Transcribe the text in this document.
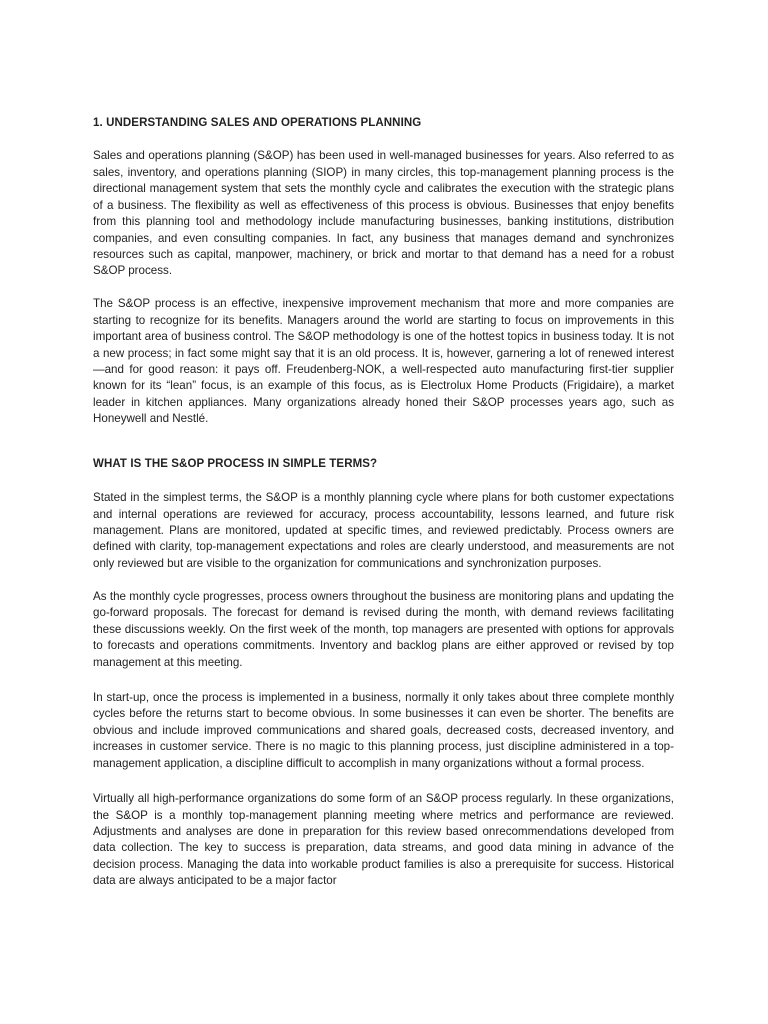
1. UNDERSTANDING SALES AND OPERATIONS PLANNING

Sales and operations planning (S&OP) has been used in well-managed businesses for years. Also referred to as sales, inventory, and operations planning (SIOP) in many circles, this top-management planning process is the directional management system that sets the monthly cycle and calibrates the execution with the strategic plans of a business. The flexibility as well as effectiveness of this process is obvious. Businesses that enjoy benefits from this planning tool and methodology include manufacturing businesses, banking institutions, distribution companies, and even consulting companies. In fact, any business that manages demand and synchronizes resources such as capital, manpower, machinery, or brick and mortar to that demand has a need for a robust S&OP process.

The S&OP process is an effective, inexpensive improvement mechanism that more and more companies are starting to recognize for its benefits. Managers around the world are starting to focus on improvements in this important area of business control. The S&OP methodology is one of the hottest topics in business today. It is not a new process; in fact some might say that it is an old process. It is, however, garnering a lot of renewed interest—and for good reason: it pays off. Freudenberg-NOK, a well-respected auto manufacturing first-tier supplier known for its “lean” focus, is an example of this focus, as is Electrolux Home Products (Frigidaire), a market leader in kitchen appliances. Many organizations already honed their S&OP processes years ago, such as Honeywell and Nestlé.

WHAT IS THE S&OP PROCESS IN SIMPLE TERMS?

Stated in the simplest terms, the S&OP is a monthly planning cycle where plans for both customer expectations and internal operations are reviewed for accuracy, process accountability, lessons learned, and future risk management. Plans are monitored, updated at specific times, and reviewed predictably. Process owners are defined with clarity, top-management expectations and roles are clearly understood, and measurements are not only reviewed but are visible to the organization for communications and synchronization purposes.

As the monthly cycle progresses, process owners throughout the business are monitoring plans and updating the go-forward proposals. The forecast for demand is revised during the month, with demand reviews facilitating these discussions weekly. On the first week of the month, top managers are presented with options for approvals to forecasts and operations commitments. Inventory and backlog plans are either approved or revised by top management at this meeting.

In start-up, once the process is implemented in a business, normally it only takes about three complete monthly cycles before the returns start to become obvious. In some businesses it can even be shorter. The benefits are obvious and include improved communications and shared goals, decreased costs, decreased inventory, and increases in customer service. There is no magic to this planning process, just discipline administered in a top-management application, a discipline difficult to accomplish in many organizations without a formal process.

Virtually all high-performance organizations do some form of an S&OP process regularly. In these organizations, the S&OP is a monthly top-management planning meeting where metrics and performance are reviewed. Adjustments and analyses are done in preparation for this review based onrecommendations developed from data collection. The key to success is preparation, data streams, and good data mining in advance of the decision process. Managing the data into workable product families is also a prerequisite for success. Historical data are always anticipated to be a major factor
